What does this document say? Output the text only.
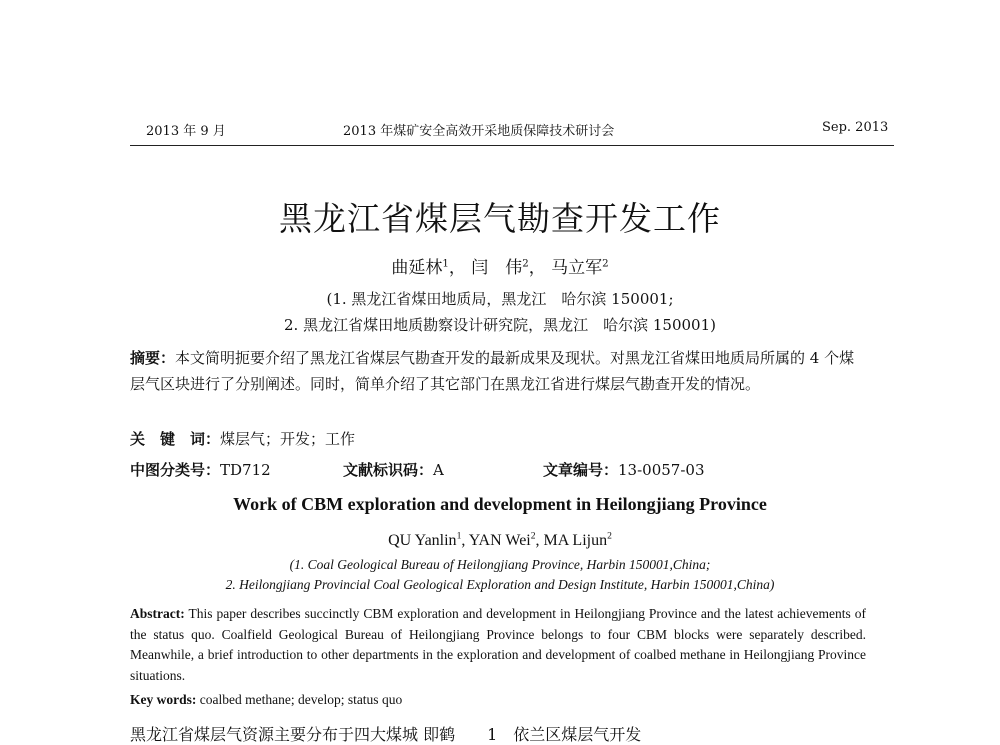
2013 年 9 月	2013 年煤矿安全高效开采地质保障技术研讨会	Sep. 2013
黑龙江省煤层气勘查开发工作
曲延林$^1$， 闫　伟$^2$， 马立军$^2$
(1. 黑龙江省煤田地质局，黑龙江　哈尔滨 150001;
2. 黑龙江省煤田地质勘察设计研究院，黑龙江　哈尔滨 150001)
摘要：本文简明扼要介绍了黑龙江省煤层气勘查开发的最新成果及现状。对黑龙江省煤田地质局所属的 4 个煤层气区块进行了分别阐述。同时，简单介绍了其它部门在黑龙江省进行煤层气勘查开发的情况。
关　键　词：煤层气；开发；工作
中图分类号：TD712	文献标识码：A	文章编号：13-0057-03
Work of CBM exploration and development in Heilongjiang Province
QU Yanlin$^1$, YAN Wei$^2$, MA Lijun$^2$
(1. Coal Geological Bureau of Heilongjiang Province, Harbin 150001,China;
2. Heilongjiang Provincial Coal Geological Exploration and Design Institute, Harbin 150001,China)
Abstract: This paper describes succinctly CBM exploration and development in Heilongjiang Province and the latest achievements of the status quo. Coalfield Geological Bureau of Heilongjiang Province belongs to four CBM blocks were separately described. Meanwhile, a brief introduction to other departments in the exploration and development of coalbed methane in Heilongjiang Province situations.
Key words: coalbed methane; develop; status quo
黑龙江省煤层气资源主要分布于四大煤城 即鹤　　1　依兰区煤层气开发
